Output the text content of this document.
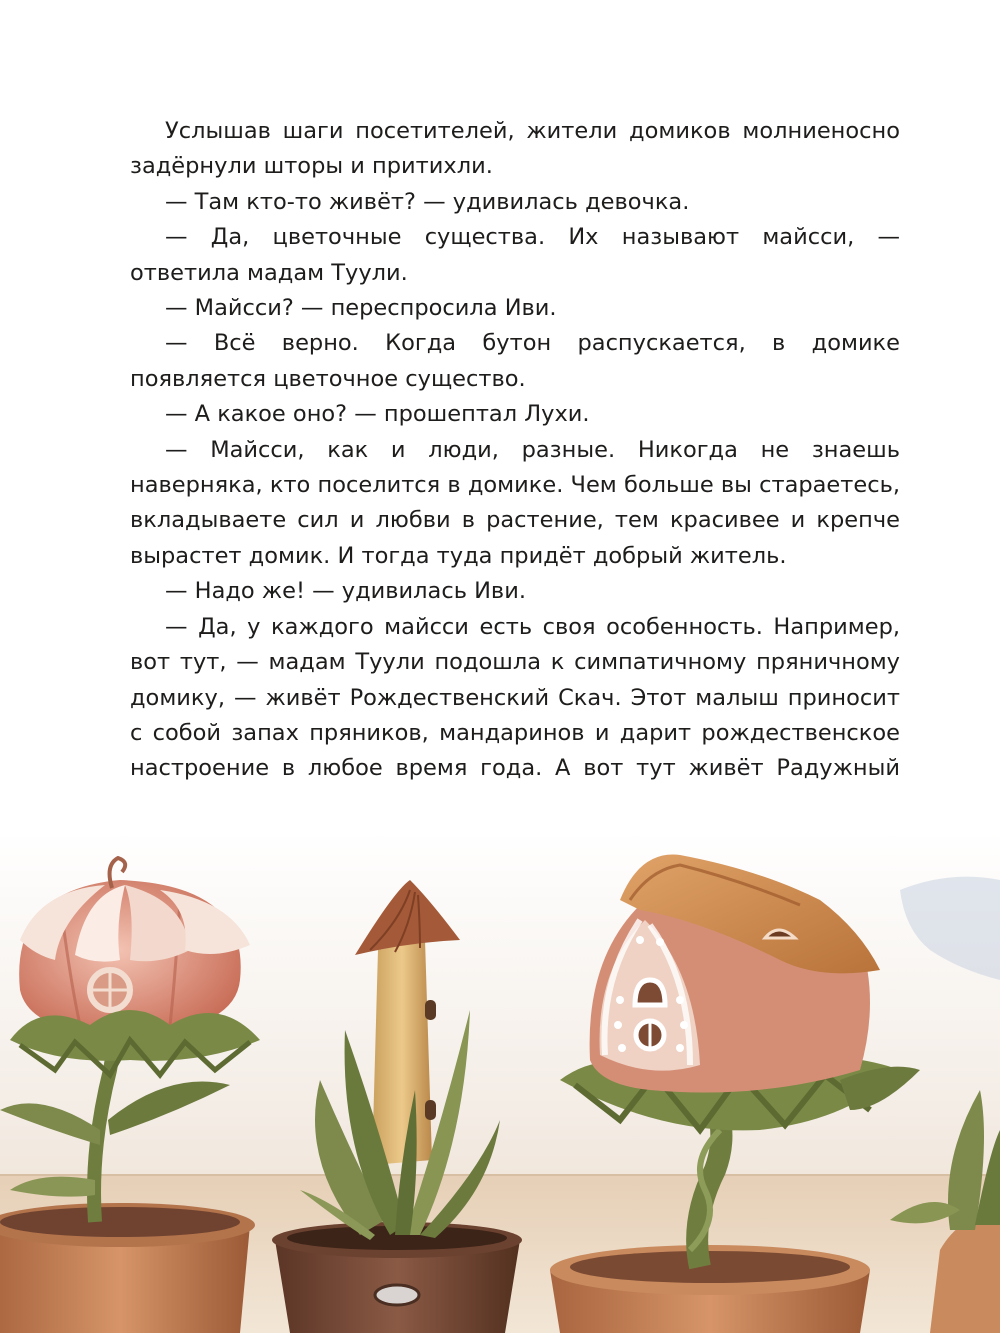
Услышав шаги посетителей, жители домиков молниеносно задёрнули шторы и притихли.

— Там кто-то живёт? — удивилась девочка.

— Да, цветочные существа. Их называют майсси, — ответила мадам Туули.

— Майсси? — переспросила Иви.

— Всё верно. Когда бутон распускается, в домике появляется цветочное существо.

— А какое оно? — прошептал Лухи.

— Майсси, как и люди, разные. Никогда не знаешь наверняка, кто поселится в домике. Чем больше вы стараетесь, вкладываете сил и любви в растение, тем красивее и крепче вырастет домик. И тогда туда придёт добрый житель.

— Надо же! — удивилась Иви.

— Да, у каждого майсси есть своя особенность. Например, вот тут, — мадам Туули подошла к симпатичному пряничному домику, — живёт Рождественский Скач. Этот малыш приносит с собой запах пряников, мандаринов и дарит рождественское настроение в любое время года. А вот тут живёт Радужный
